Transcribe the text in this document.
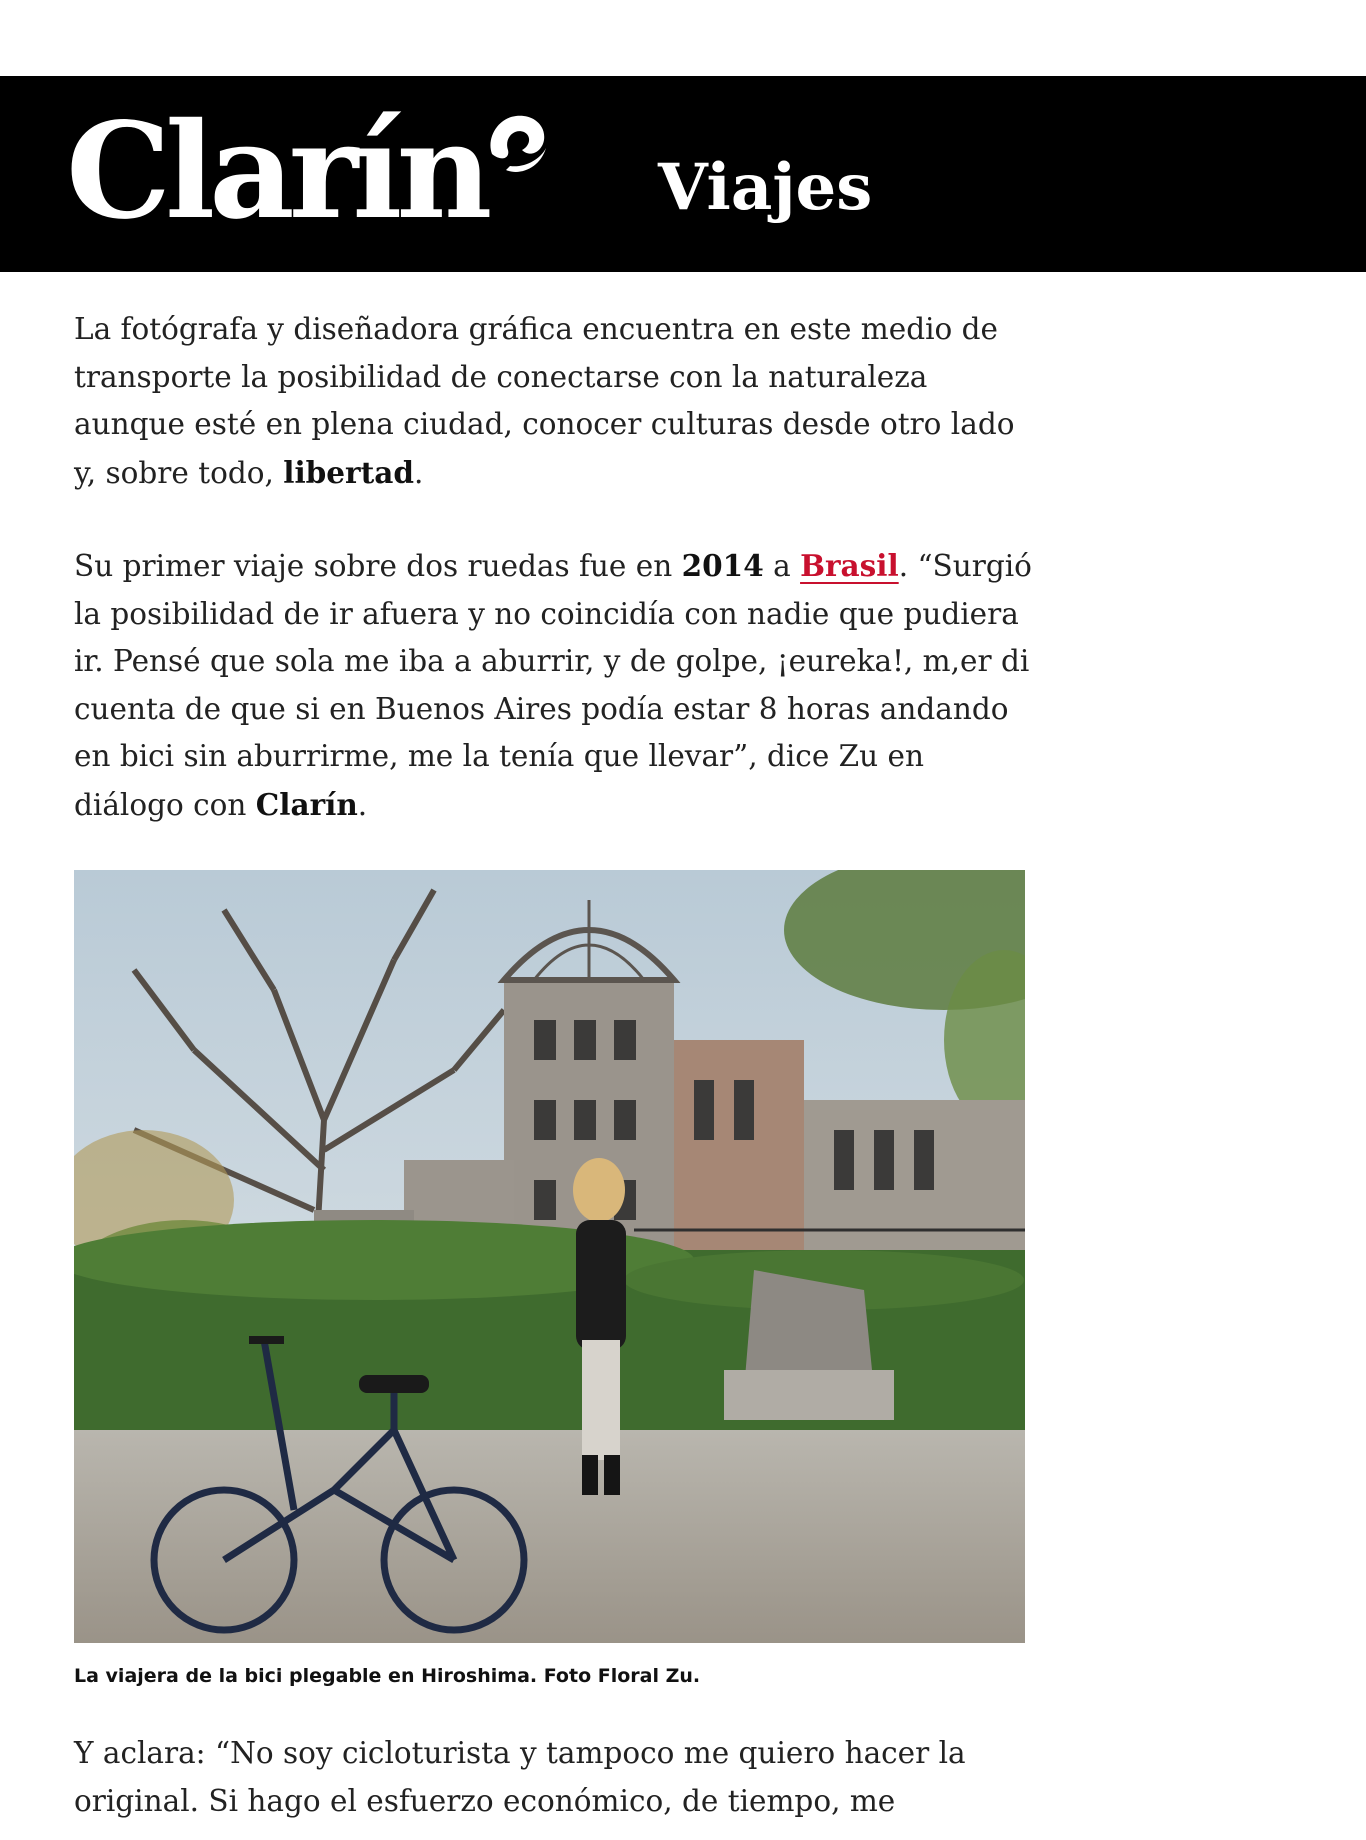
Clarín	Viajes

La fotógrafa y diseñadora gráfica encuentra en este medio de transporte la posibilidad de conectarse con la naturaleza aunque esté en plena ciudad, conocer culturas desde otro lado y, sobre todo, libertad.

Su primer viaje sobre dos ruedas fue en 2014 a Brasil. “Surgió la posibilidad de ir afuera y no coincidía con nadie que pudiera ir. Pensé que sola me iba a aburrir, y de golpe, ¡eureka!, m,er di cuenta de que si en Buenos Aires podía estar 8 horas andando en bici sin aburrirme, me la tenía que llevar”, dice Zu en diálogo con Clarín.

La viajera de la bici plegable en Hiroshima. Foto Floral Zu.

Y aclara: “No soy cicloturista y tampoco me quiero hacer la original. Si hago el esfuerzo económico, de tiempo, me
